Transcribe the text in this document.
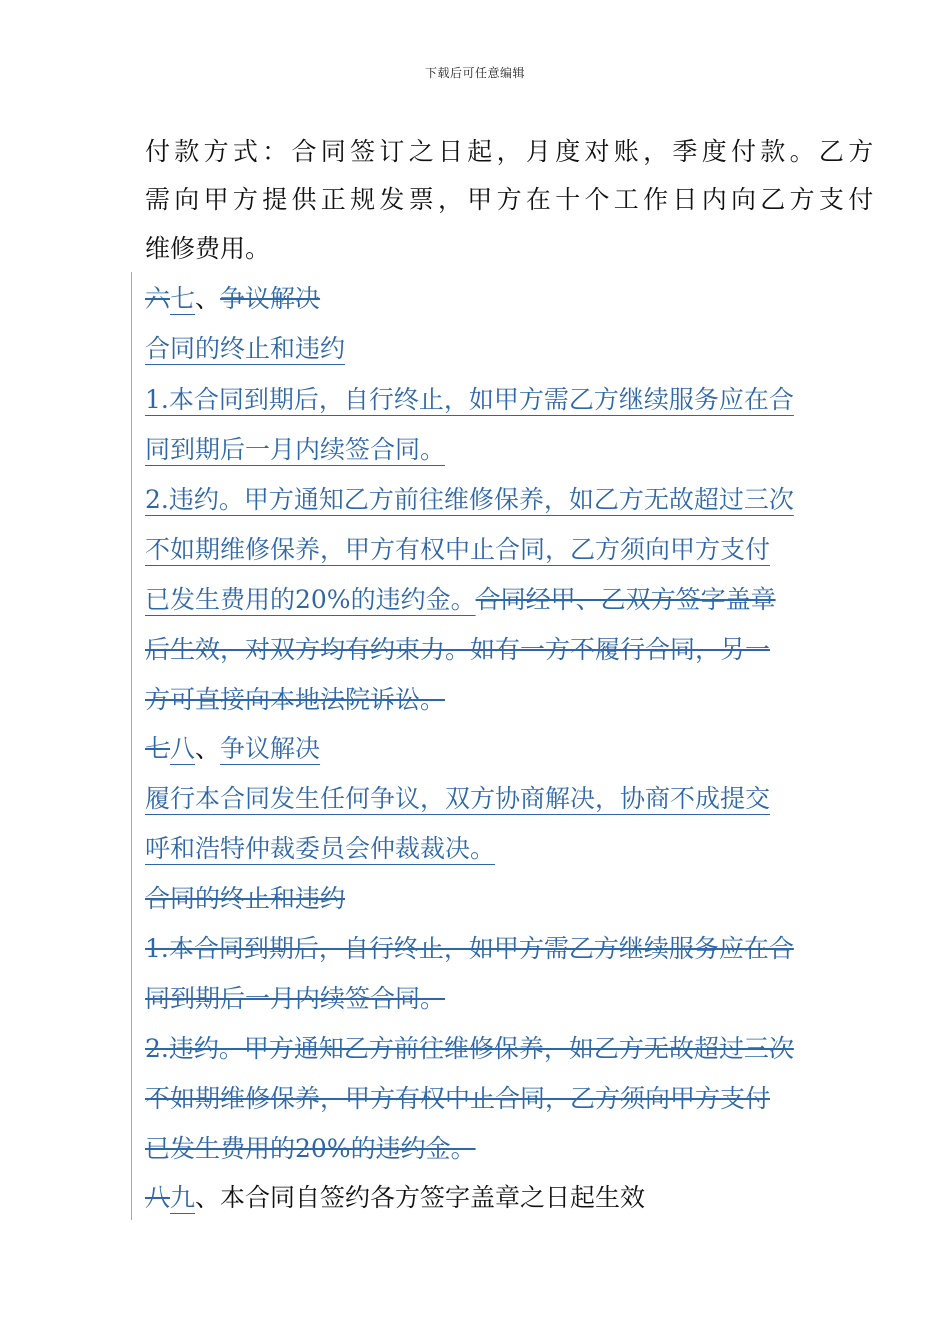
下载后可任意编辑
付款方式：合同签订之日起，月度对账，季度付款。乙方
需向甲方提供正规发票，甲方在十个工作日内向乙方支付
维修费用。
六七、争议解决
合同的终止和违约
1.本合同到期后，自行终止，如甲方需乙方继续服务应在合
同到期后一月内续签合同。
2.违约。甲方通知乙方前往维修保养，如乙方无故超过三次
不如期维修保养，甲方有权中止合同，乙方须向甲方支付
已发生费用的20%的违约金。合同经甲、乙双方签字盖章
后生效，对双方均有约束力。如有一方不履行合同，另一
方可直接向本地法院诉讼。
七八、争议解决
履行本合同发生任何争议，双方协商解决，协商不成提交
呼和浩特仲裁委员会仲裁裁决。
合同的终止和违约
1.本合同到期后，自行终止，如甲方需乙方继续服务应在合
同到期后一月内续签合同。
2.违约。甲方通知乙方前往维修保养，如乙方无故超过三次
不如期维修保养，甲方有权中止合同，乙方须向甲方支付
已发生费用的20%的违约金。
八九、本合同自签约各方签字盖章之日起生效
